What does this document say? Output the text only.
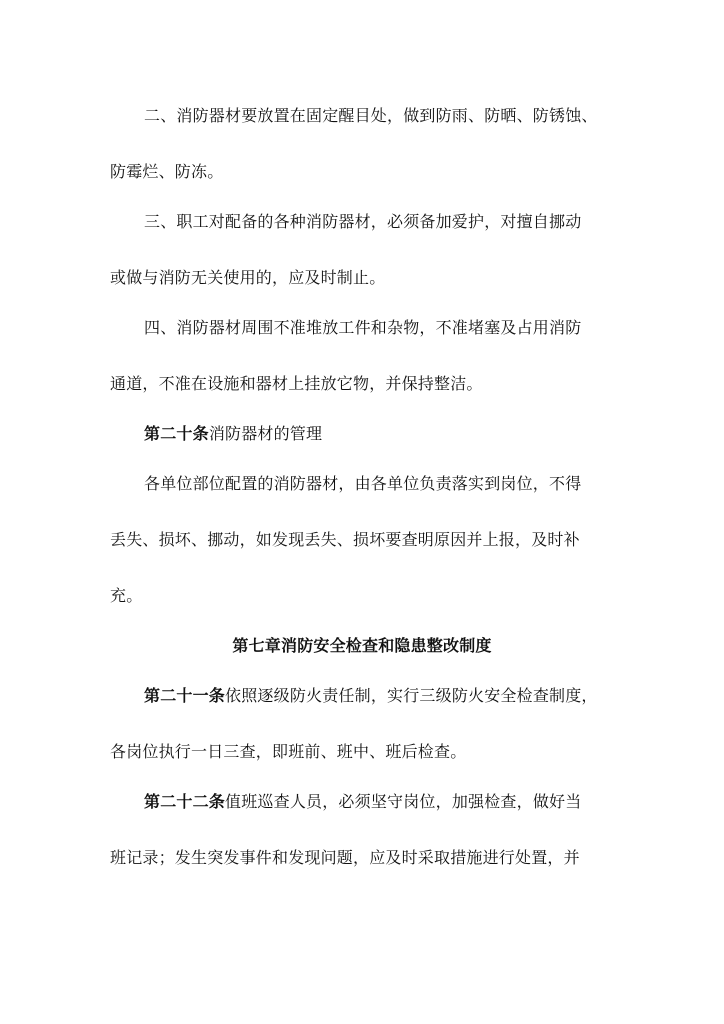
二、消防器材要放置在固定醒目处，做到防雨、防晒、防锈蚀、
防霉烂、防冻。
三、职工对配备的各种消防器材，必须备加爱护，对擅自挪动
或做与消防无关使用的，应及时制止。
四、消防器材周围不准堆放工件和杂物，不准堵塞及占用消防
通道，不准在设施和器材上挂放它物，并保持整洁。
第二十条消防器材的管理
各单位部位配置的消防器材，由各单位负责落实到岗位，不得
丢失、损坏、挪动，如发现丢失、损坏要查明原因并上报，及时补
充。
第七章消防安全检查和隐患整改制度
第二十一条依照逐级防火责任制，实行三级防火安全检查制度，
各岗位执行一日三查，即班前、班中、班后检查。
第二十二条值班巡查人员，必须坚守岗位，加强检查，做好当
班记录；发生突发事件和发现问题，应及时采取措施进行处置，并
